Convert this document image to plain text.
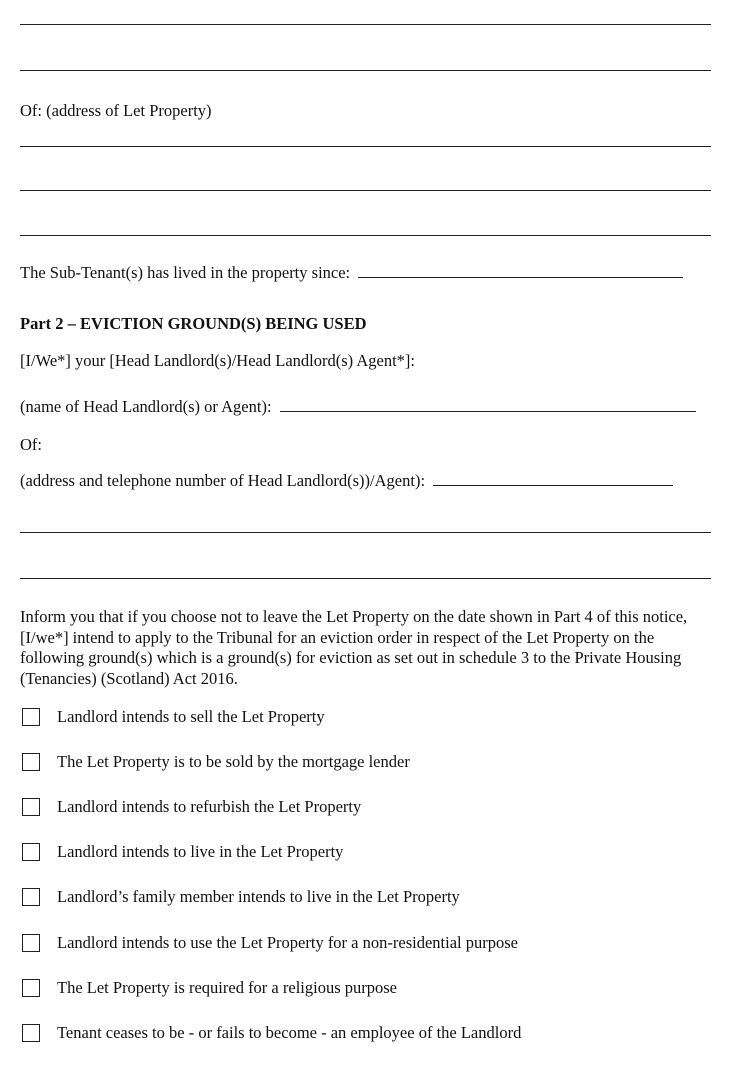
Of: (address of Let Property)
The Sub-Tenant(s) has lived in the property since:
Part 2 – EVICTION GROUND(S) BEING USED
[I/We*] your [Head Landlord(s)/Head Landlord(s) Agent*]:
(name of Head Landlord(s) or Agent):
Of:
(address and telephone number of Head Landlord(s))/Agent):
Inform you that if you choose not to leave the Let Property on the date shown in Part 4 of this notice, [I/we*] intend to apply to the Tribunal for an eviction order in respect of the Let Property on the following ground(s) which is a ground(s) for eviction as set out in schedule 3 to the Private Housing (Tenancies) (Scotland) Act 2016.
Landlord intends to sell the Let Property
The Let Property is to be sold by the mortgage lender
Landlord intends to refurbish the Let Property
Landlord intends to live in the Let Property
Landlord’s family member intends to live in the Let Property
Landlord intends to use the Let Property for a non-residential purpose
The Let Property is required for a religious purpose
Tenant ceases to be - or fails to become - an employee of the Landlord
